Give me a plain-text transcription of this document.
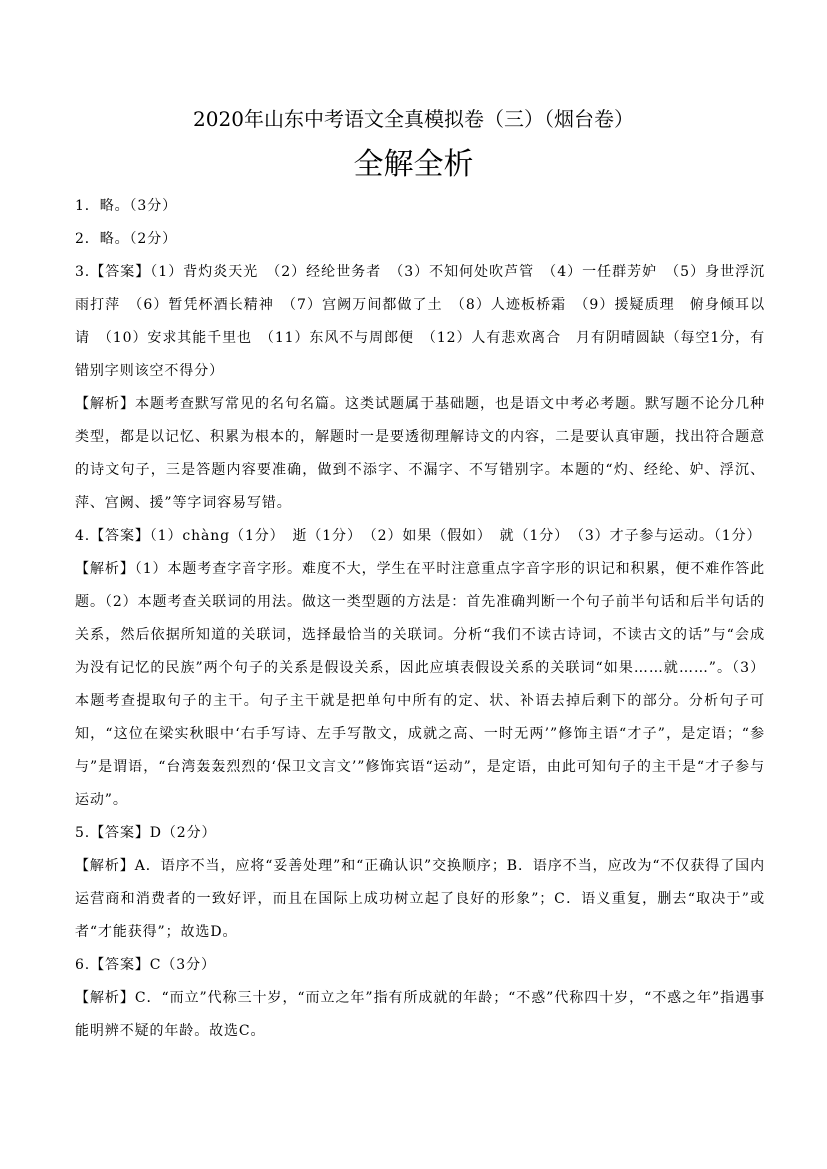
2020年山东中考语文全真模拟卷（三）（烟台卷）
全解全析

1．略。（3分）

2．略。（2分）

3.【答案】（1）背灼炎天光　（2）经纶世务者　（3）不知何处吹芦管　（4）一任群芳妒　（5）身世浮沉雨打萍　（6）暂凭杯酒长精神　（7）宫阙万间都做了土　（8）人迹板桥霜　（9）援疑质理　俯身倾耳以请　（10）安求其能千里也　（11）东风不与周郎便　（12）人有悲欢离合　月有阴晴圆缺（每空1分，有错别字则该空不得分）

【解析】本题考查默写常见的名句名篇。这类试题属于基础题，也是语文中考必考题。默写题不论分几种类型，都是以记忆、积累为根本的，解题时一是要透彻理解诗文的内容，二是要认真审题，找出符合题意的诗文句子，三是答题内容要准确，做到不添字、不漏字、不写错别字。本题的“灼、经纶、妒、浮沉、萍、宫阙、援”等字词容易写错。

4.【答案】（1）chàng（1分）　逝（1分）　（2）如果（假如）　就（1分）　（3）才子参与运动。（1分）

【解析】（1）本题考查字音字形。难度不大，学生在平时注意重点字音字形的识记和积累，便不难作答此题。（2）本题考查关联词的用法。做这一类型题的方法是：首先准确判断一个句子前半句话和后半句话的关系，然后依据所知道的关联词，选择最恰当的关联词。分析“我们不读古诗词，不读古文的话”与“会成为没有记忆的民族”两个句子的关系是假设关系，因此应填表假设关系的关联词“如果……就……”。（3）本题考查提取句子的主干。句子主干就是把单句中所有的定、状、补语去掉后剩下的部分。分析句子可知，“这位在梁实秋眼中‘右手写诗、左手写散文，成就之高、一时无两’”修饰主语“才子”，是定语；“参与”是谓语，“台湾轰轰烈烈的‘保卫文言文’”修饰宾语“运动”，是定语，由此可知句子的主干是“才子参与运动”。

5.【答案】D（2分）

【解析】A．语序不当，应将“妥善处理”和“正确认识”交换顺序；B．语序不当，应改为“不仅获得了国内运营商和消费者的一致好评，而且在国际上成功树立起了良好的形象”；C．语义重复，删去“取决于”或者“才能获得”；故选D。

6.【答案】C（3分）

【解析】C．“而立”代称三十岁，“而立之年”指有所成就的年龄；“不惑”代称四十岁，“不惑之年”指遇事能明辨不疑的年龄。故选C。
